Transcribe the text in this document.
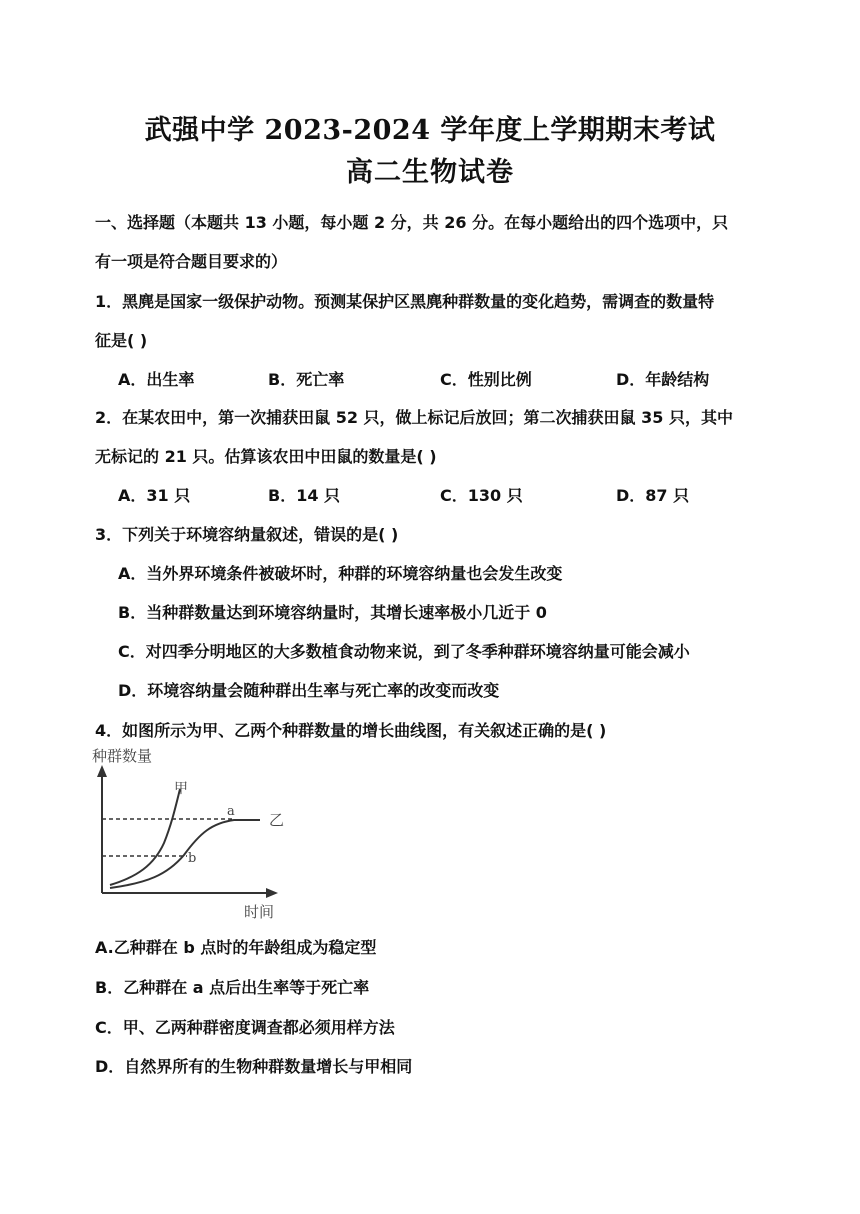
武强中学 2023-2024 学年度上学期期末考试
高二生物试卷
一、选择题（本题共 13 小题，每小题 2 分，共 26 分。在每小题给出的四个选项中，只
有一项是符合题目要求的）
1．黑麂是国家一级保护动物。预测某保护区黑麂种群数量的变化趋势，需调查的数量特
征是( )
A．出生率	B．死亡率	C．性别比例	D．年龄结构
2．在某农田中，第一次捕获田鼠 52 只，做上标记后放回；第二次捕获田鼠 35 只，其中
无标记的 21 只。估算该农田中田鼠的数量是( )
A．31 只	B．14 只	C．130 只	D．87 只
3．下列关于环境容纳量叙述，错误的是( )
A．当外界环境条件被破坏时，种群的环境容纳量也会发生改变
B．当种群数量达到环境容纳量时，其增长速率极小几近于 0
C．对四季分明地区的大多数植食动物来说，到了冬季种群环境容纳量可能会减小
D．环境容纳量会随种群出生率与死亡率的改变而改变
4．如图所示为甲、乙两个种群数量的增长曲线图，有关叙述正确的是( )
种群数量
时间
甲
乙
a
b
A.乙种群在 b 点时的年龄组成为稳定型
B．乙种群在 a 点后出生率等于死亡率
C．甲、乙两种群密度调查都必须用样方法
D．自然界所有的生物种群数量增长与甲相同
